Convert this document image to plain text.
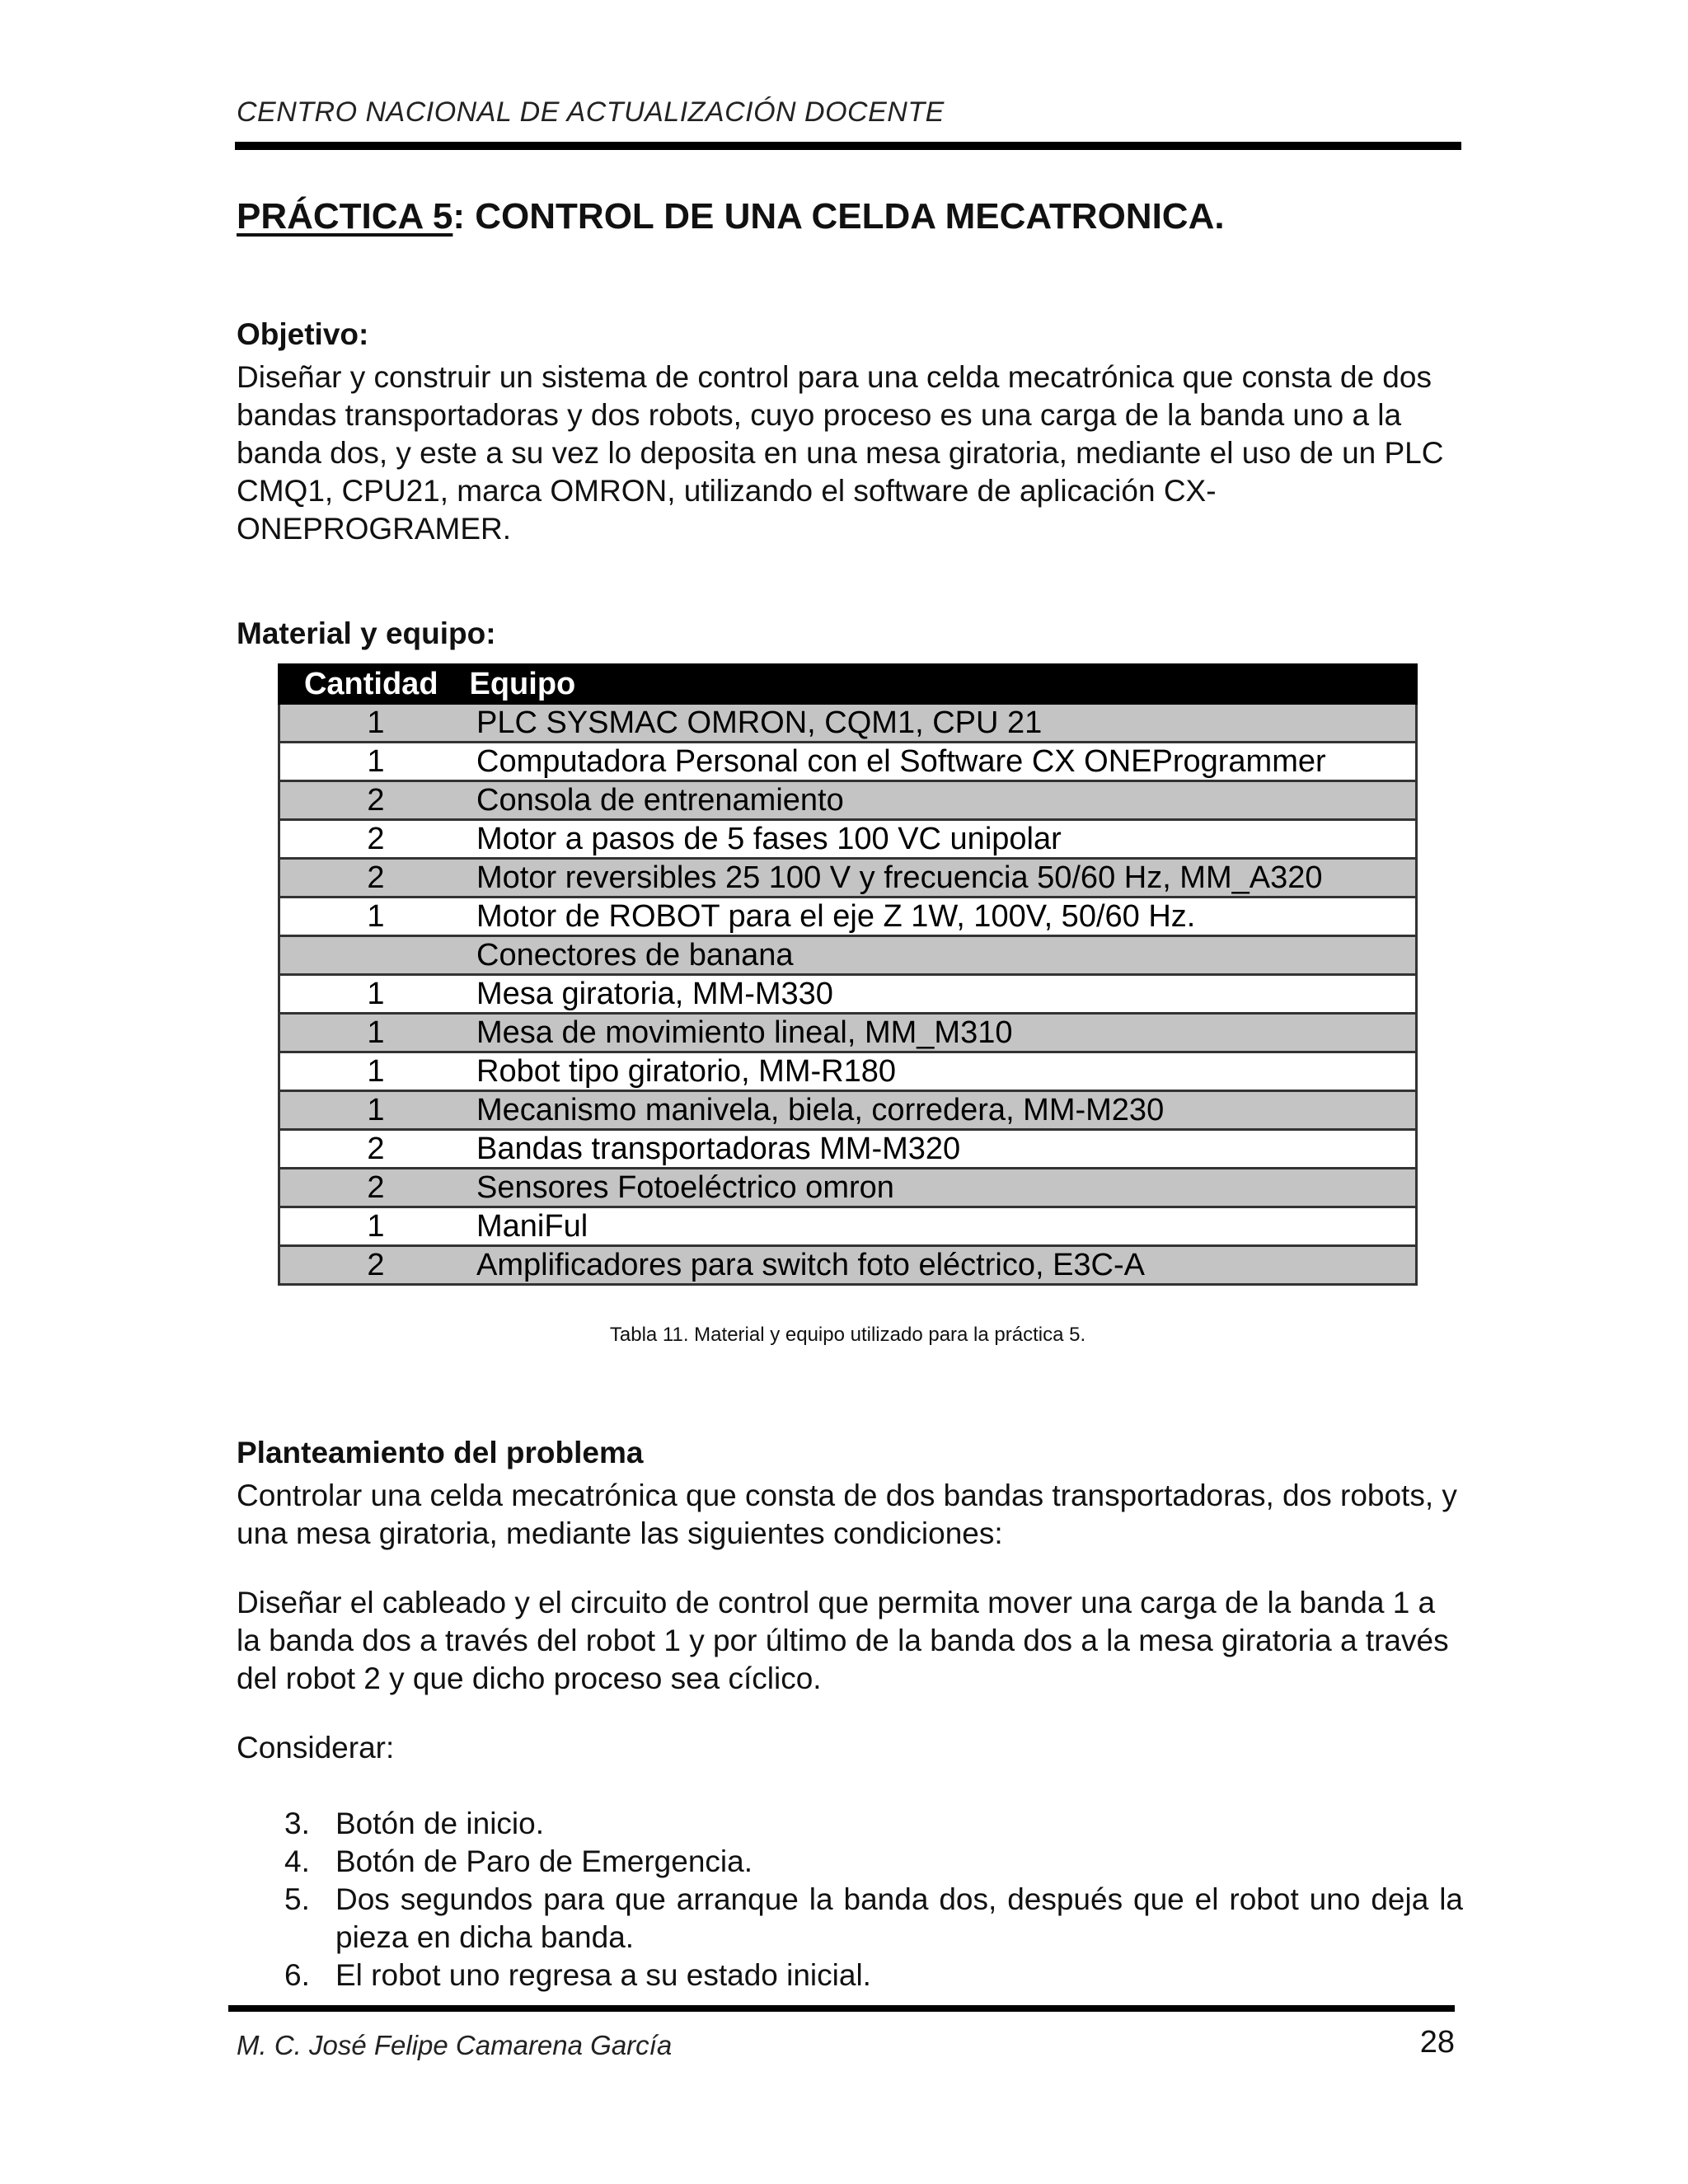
CENTRO NACIONAL DE ACTUALIZACIÓN DOCENTE
PRÁCTICA 5: CONTROL DE UNA CELDA MECATRONICA.
Objetivo:

Diseñar y construir un sistema de control para una celda mecatrónica que consta de dos bandas transportadoras y dos robots, cuyo proceso es una carga de la banda uno a la banda dos, y este a su vez lo deposita en una mesa giratoria, mediante el uso de un PLC CMQ1, CPU21, marca OMRON, utilizando el software de aplicación CX- ONEPROGRAMER.

Material y equipo:
Cantidad	Equipo
1	PLC SYSMAC OMRON, CQM1, CPU 21
1	Computadora Personal con el Software CX ONEProgrammer
2	Consola de entrenamiento
2	Motor a pasos de 5 fases 100 VC unipolar
2	Motor reversibles 25 100 V y frecuencia 50/60 Hz, MM_A320
1	Motor de ROBOT para el eje Z 1W, 100V, 50/60 Hz.
	Conectores de banana
1	Mesa giratoria, MM-M330
1	Mesa de movimiento lineal, MM_M310
1	Robot tipo giratorio, MM-R180
1	Mecanismo manivela, biela, corredera, MM-M230
2	Bandas transportadoras MM-M320
2	Sensores Fotoeléctrico omron
1	ManiFul
2	Amplificadores para switch foto eléctrico, E3C-A
Tabla 11. Material y equipo utilizado para la práctica 5.
Planteamiento del problema

Controlar una celda mecatrónica que consta de dos bandas transportadoras, dos robots, y una mesa giratoria, mediante las siguientes condiciones:

Diseñar el cableado y el circuito de control que permita mover una carga de la banda 1 a la banda dos a través del robot 1 y por último de la banda dos a la mesa giratoria a través del robot 2 y que dicho proceso sea cíclico.

Considerar:

3. Botón de inicio.
4. Botón de Paro de Emergencia.
5. Dos segundos para que arranque la banda dos, después que el robot uno deja la pieza en dicha banda.
6. El robot uno regresa a su estado inicial.
M. C. José Felipe Camarena García	28
